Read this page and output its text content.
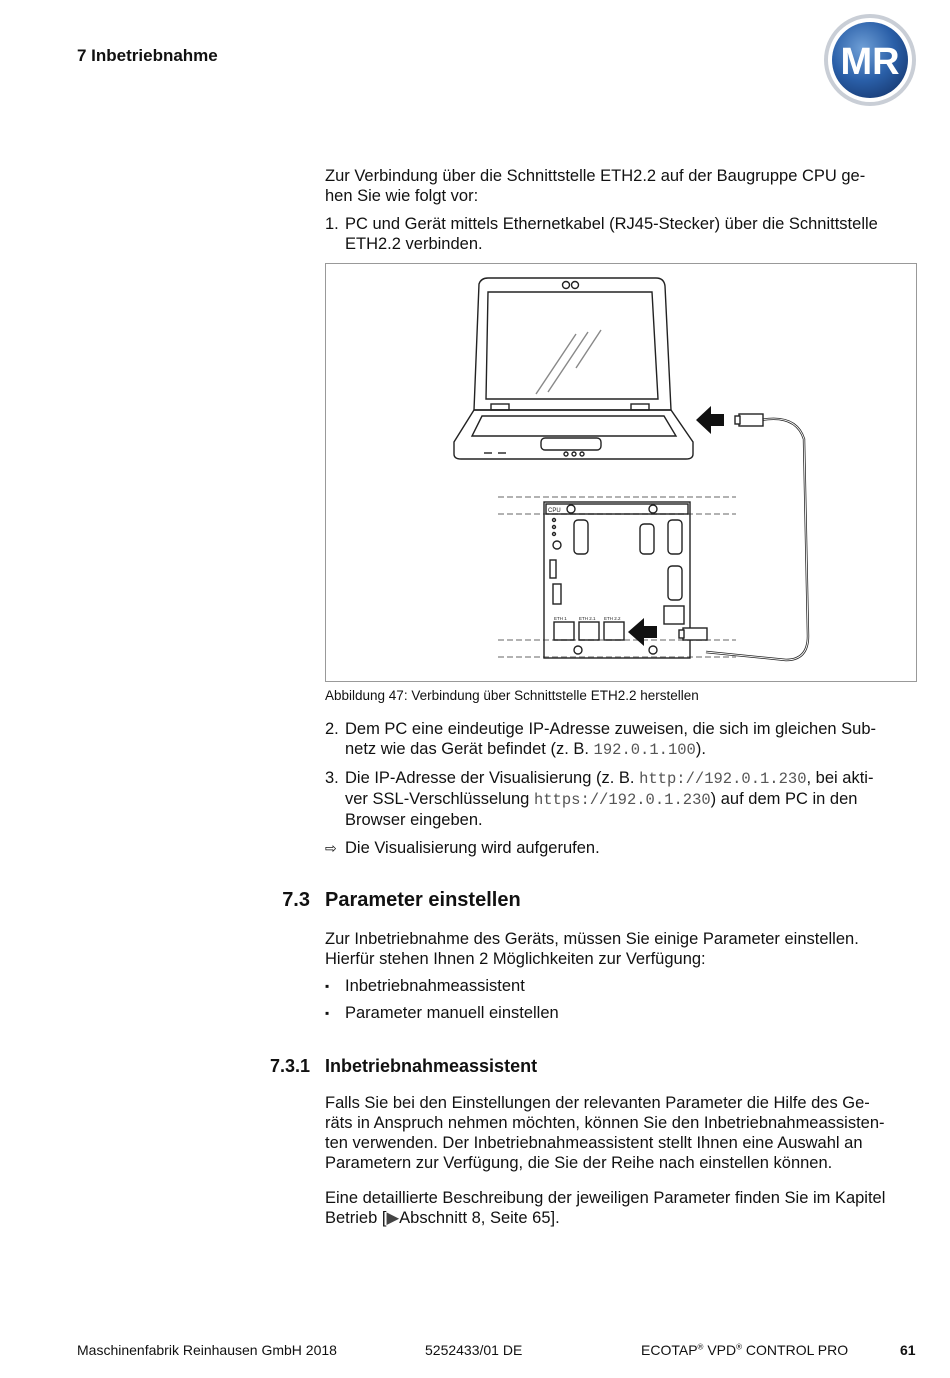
7 Inbetriebnahme	MR
Zur Verbindung über die Schnittstelle ETH2.2 auf der Baugruppe CPU ge-
hen Sie wie folgt vor:
1. PC und Gerät mittels Ethernetkabel (RJ45-Stecker) über die Schnittstelle
ETH2.2 verbinden.
CPU
ETH 1	ETH 2.1 ETH 2.2
Abbildung 47: Verbindung über Schnittstelle ETH2.2 herstellen
2. Dem PC eine eindeutige IP-Adresse zuweisen, die sich im gleichen Sub-
netz wie das Gerät befindet (z. B. 192.0.1.100).
3. Die IP-Adresse der Visualisierung (z. B. http://192.0.1.230, bei akti-
ver SSL-Verschlüsselung https://192.0.1.230) auf dem PC in den
Browser eingeben.
⇨ Die Visualisierung wird aufgerufen.
7.3 Parameter einstellen
Zur Inbetriebnahme des Geräts, müssen Sie einige Parameter einstellen.
Hierfür stehen Ihnen 2 Möglichkeiten zur Verfügung:
▪ Inbetriebnahmeassistent
▪ Parameter manuell einstellen
7.3.1 Inbetriebnahmeassistent
Falls Sie bei den Einstellungen der relevanten Parameter die Hilfe des Ge-
räts in Anspruch nehmen möchten, können Sie den Inbetriebnahmeassisten-
ten verwenden. Der Inbetriebnahmeassistent stellt Ihnen eine Auswahl an
Parametern zur Verfügung, die Sie der Reihe nach einstellen können.
Eine detaillierte Beschreibung der jeweiligen Parameter finden Sie im Kapitel
Betrieb [▶Abschnitt 8, Seite 65].
Maschinenfabrik Reinhausen GmbH 2018	5252433/01 DE	ECOTAP® VPD® CONTROL PRO	61
